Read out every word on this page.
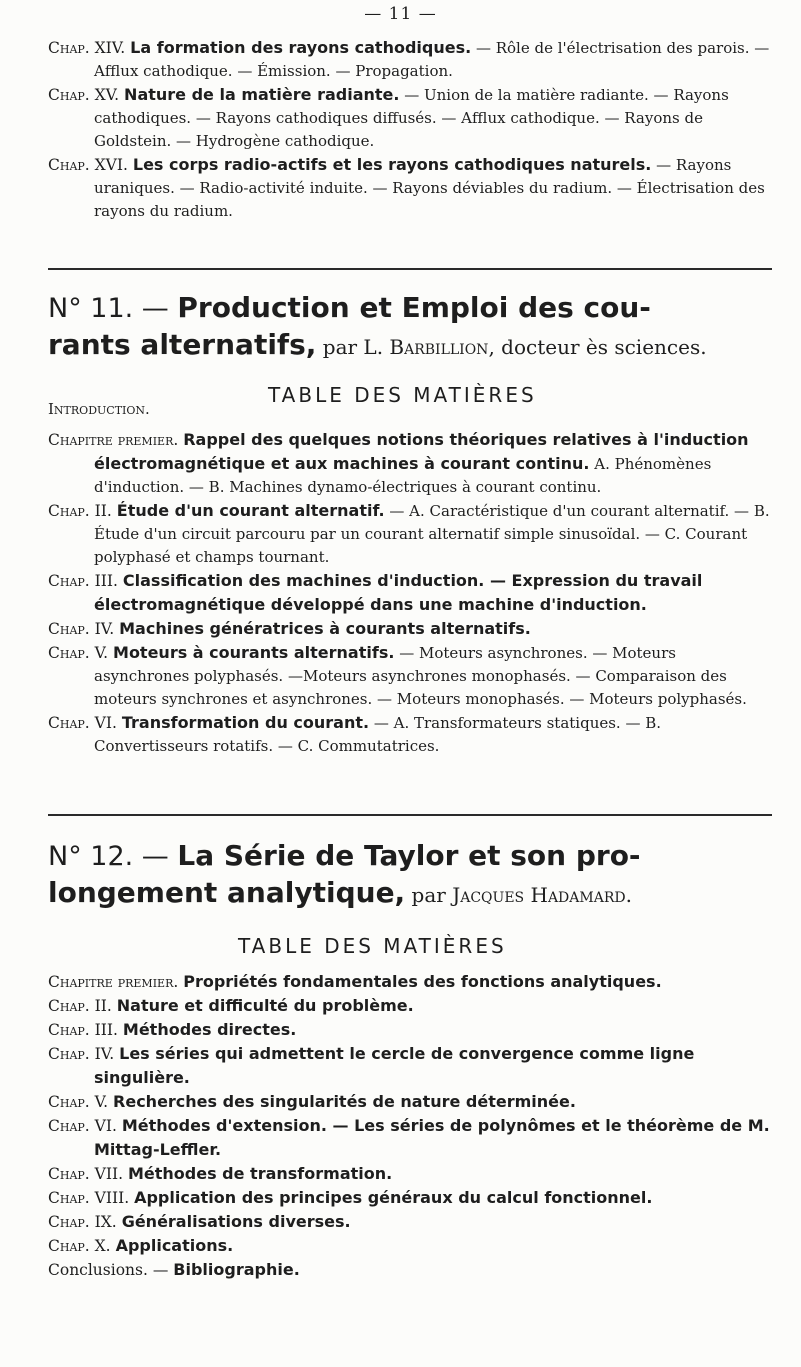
— 11 —
Chap. XIV. La formation des rayons cathodiques. — Rôle de l'électrisation des parois. — Afflux cathodique. — Émission. — Propagation.
Chap. XV. Nature de la matière radiante. — Union de la matière radiante. — Rayons cathodiques. — Rayons cathodiques diffusés. — Afflux cathodique. — Rayons de Goldstein. — Hydrogène cathodique.
Chap. XVI. Les corps radio-actifs et les rayons cathodiques naturels. — Rayons uraniques. — Radio-activité induite. — Rayons déviables du radium. — Électrisation des rayons du radium.
N° 11. — Production et Emploi des cou-
rants alternatifs, par L. Barbillion, docteur ès sciences.
TABLE DES MATIÈRES
Introduction.
Chapitre premier. Rappel des quelques notions théoriques relatives à l'induction électromagnétique et aux machines à courant continu. A. Phénomènes d'induction. — B. Machines dynamo-électriques à courant continu.
Chap. II. Étude d'un courant alternatif. — A. Caractéristique d'un courant alternatif. — B. Étude d'un circuit parcouru par un courant alternatif simple sinusoïdal. — C. Courant polyphasé et champs tournant.
Chap. III. Classification des machines d'induction. — Expression du travail électromagnétique développé dans une machine d'induction.
Chap. IV. Machines génératrices à courants alternatifs.
Chap. V. Moteurs à courants alternatifs. — Moteurs asynchrones. — Moteurs asynchrones polyphasés. —Moteurs asynchrones monophasés. — Comparaison des moteurs synchrones et asynchrones. — Moteurs monophasés. — Moteurs polyphasés.
Chap. VI. Transformation du courant. — A. Transformateurs statiques. — B. Convertisseurs rotatifs. — C. Commutatrices.
N° 12. — La Série de Taylor et son pro-
longement analytique, par Jacques Hadamard.
TABLE DES MATIÈRES
Chapitre premier. Propriétés fondamentales des fonctions analytiques.
Chap. II. Nature et difficulté du problème.
Chap. III. Méthodes directes.
Chap. IV. Les séries qui admettent le cercle de convergence comme ligne singulière.
Chap. V. Recherches des singularités de nature déterminée.
Chap. VI. Méthodes d'extension. — Les séries de polynômes et le théorème de M. Mittag-Leffler.
Chap. VII. Méthodes de transformation.
Chap. VIII. Application des principes généraux du calcul fonctionnel.
Chap. IX. Généralisations diverses.
Chap. X. Applications.
Conclusions. — Bibliographie.
